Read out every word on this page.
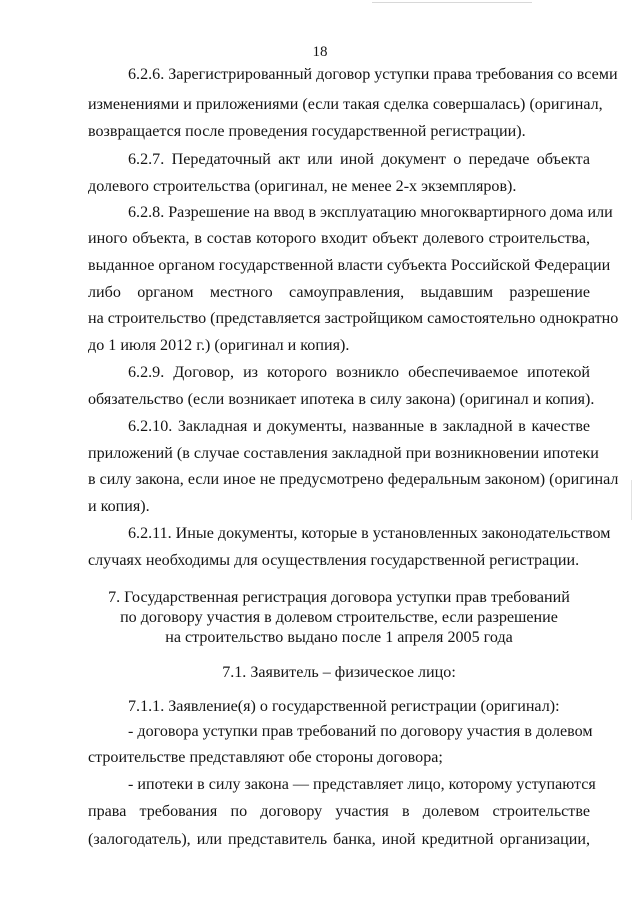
18
6.2.6. Зарегистрированный договор уступки права требования со всеми
изменениями и приложениями (если такая сделка совершалась) (оригинал,
возвращается после проведения государственной регистрации).
6.2.7. Передаточный акт или иной документ о передаче объекта
долевого строительства (оригинал, не менее 2-х экземпляров).
6.2.8. Разрешение на ввод в эксплуатацию многоквартирного дома или
иного объекта, в состав которого входит объект долевого строительства,
выданное органом государственной власти субъекта Российской Федерации
либо органом местного самоуправления, выдавшим разрешение
на строительство (представляется застройщиком самостоятельно однократно
до 1 июля 2012 г.) (оригинал и копия).
6.2.9. Договор, из которого возникло обеспечиваемое ипотекой
обязательство (если возникает ипотека в силу закона) (оригинал и копия).
6.2.10. Закладная и документы, названные в закладной в качестве
приложений (в случае составления закладной при возникновении ипотеки
в силу закона, если иное не предусмотрено федеральным законом) (оригинал
и копия).
6.2.11. Иные документы, которые в установленных законодательством
случаях необходимы для осуществления государственной регистрации.
7. Государственная регистрация договора уступки прав требований
по договору участия в долевом строительстве, если разрешение
на строительство выдано после 1 апреля 2005 года
7.1. Заявитель – физическое лицо:
7.1.1. Заявление(я) о государственной регистрации (оригинал):
- договора уступки прав требований по договору участия в долевом
строительстве представляют обе стороны договора;
- ипотеки в силу закона — представляет лицо, которому уступаются
права требования по договору участия в долевом строительстве
(залогодатель), или представитель банка, иной кредитной организации,
